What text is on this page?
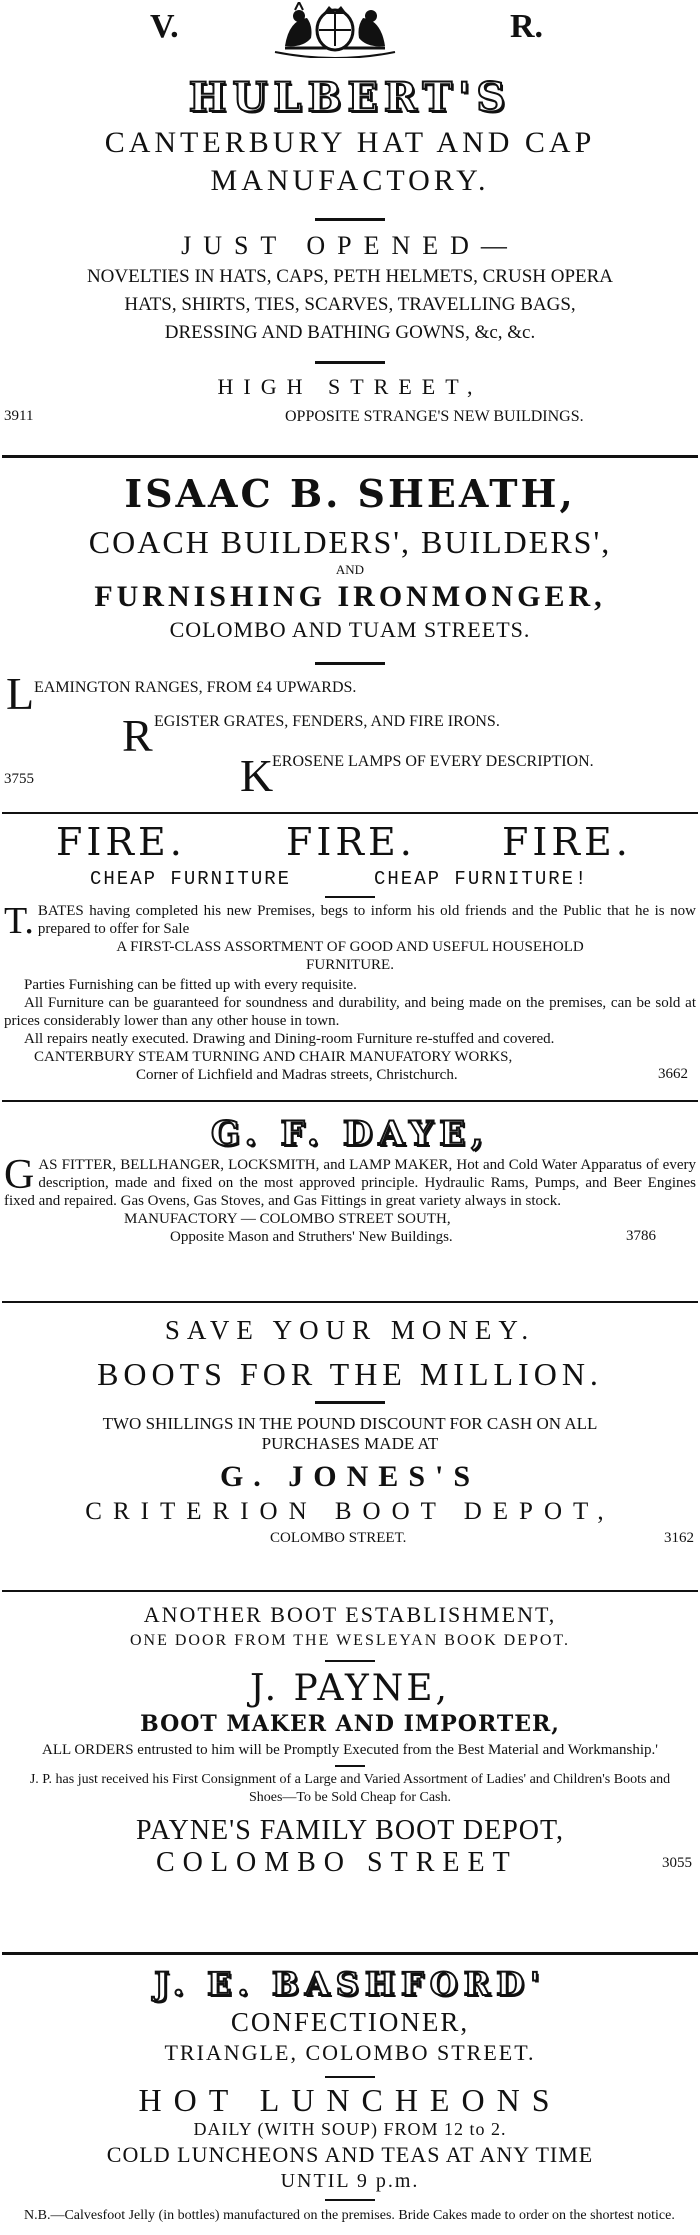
V.	R.
HULBERT'S
CANTERBURY HAT AND CAP
MANUFACTORY.
JUST OPENED—
NOVELTIES IN HATS, CAPS, PETH HELMETS, CRUSH OPERA
HATS, SHIRTS, TIES, SCARVES, TRAVELLING BAGS,
DRESSING AND BATHING GOWNS, &c, &c.
HIGH STREET,
3911	OPPOSITE STRANGE'S NEW BUILDINGS.
ISAAC B. SHEATH,
COACH BUILDERS', BUILDERS',
AND
FURNISHING IRONMONGER,
COLOMBO AND TUAM STREETS.
L EAMINGTON RANGES, FROM £4 UPWARDS.
R EGISTER GRATES, FENDERS, AND FIRE IRONS.
3755	K
EROSENE LAMPS OF EVERY DESCRIPTION.
FIRE.	FIRE. FIRE.
CHEAP FURNITURE	CHEAP FURNITURE!
T. BATES having completed his new Premises, begs to inform his old friends and the Public that he is now prepared to offer for Sale
A FIRST-CLASS ASSORTMENT OF GOOD AND USEFUL HOUSEHOLD FURNITURE.
Parties Furnishing can be fitted up with every requisite.
All Furniture can be guaranteed for soundness and durability, and being made on the premises, can be sold at prices considerably lower than any other house in town.
All repairs neatly executed. Drawing and Dining-room Furniture re-stuffed and covered.
CANTERBURY STEAM TURNING AND CHAIR MANUFATORY WORKS,
Corner of Lichfield and Madras streets, Christchurch.	3662
G. F. DAYE,
G AS FITTER, BELLHANGER, LOCKSMITH, and LAMP MAKER, Hot and Cold Water Apparatus of every description, made and fixed on the most approved principle. Hydraulic Rams, Pumps, and Beer Engines fixed and repaired. Gas Ovens, Gas Stoves, and Gas Fittings in great variety always in stock.
MANUFACTORY — COLOMBO STREET SOUTH,
Opposite Mason and Struthers' New Buildings.	3786
SAVE YOUR MONEY.
BOOTS FOR THE MILLION.
TWO SHILLINGS IN THE POUND DISCOUNT FOR CASH ON ALL
PURCHASES MADE AT
G. JONES'S
CRITERION BOOT DEPOT,
COLOMBO STREET.	3162
ANOTHER BOOT ESTABLISHMENT,
ONE DOOR FROM THE WESLEYAN BOOK DEPOT.
J. PAYNE,
BOOT MAKER AND IMPORTER,
ALL ORDERS entrusted to him will be Promptly Executed from the Best Material and Workmanship.'
J. P. has just received his First Consignment of a Large and Varied Assortment of Ladies' and Children's Boots and Shoes—To be Sold Cheap for Cash.
PAYNE'S FAMILY BOOT DEPOT,
COLOMBO STREET	3055
J. E. BASHFORD'
CONFECTIONER,
TRIANGLE, COLOMBO STREET.
HOT LUNCHEONS
DAILY (WITH SOUP) FROM 12 to 2.
COLD LUNCHEONS AND TEAS AT ANY TIME
UNTIL 9 p.m.
N.B.—Calvesfoot Jelly (in bottles) manufactured on the premises. Bride Cakes made to order on the shortest notice.
